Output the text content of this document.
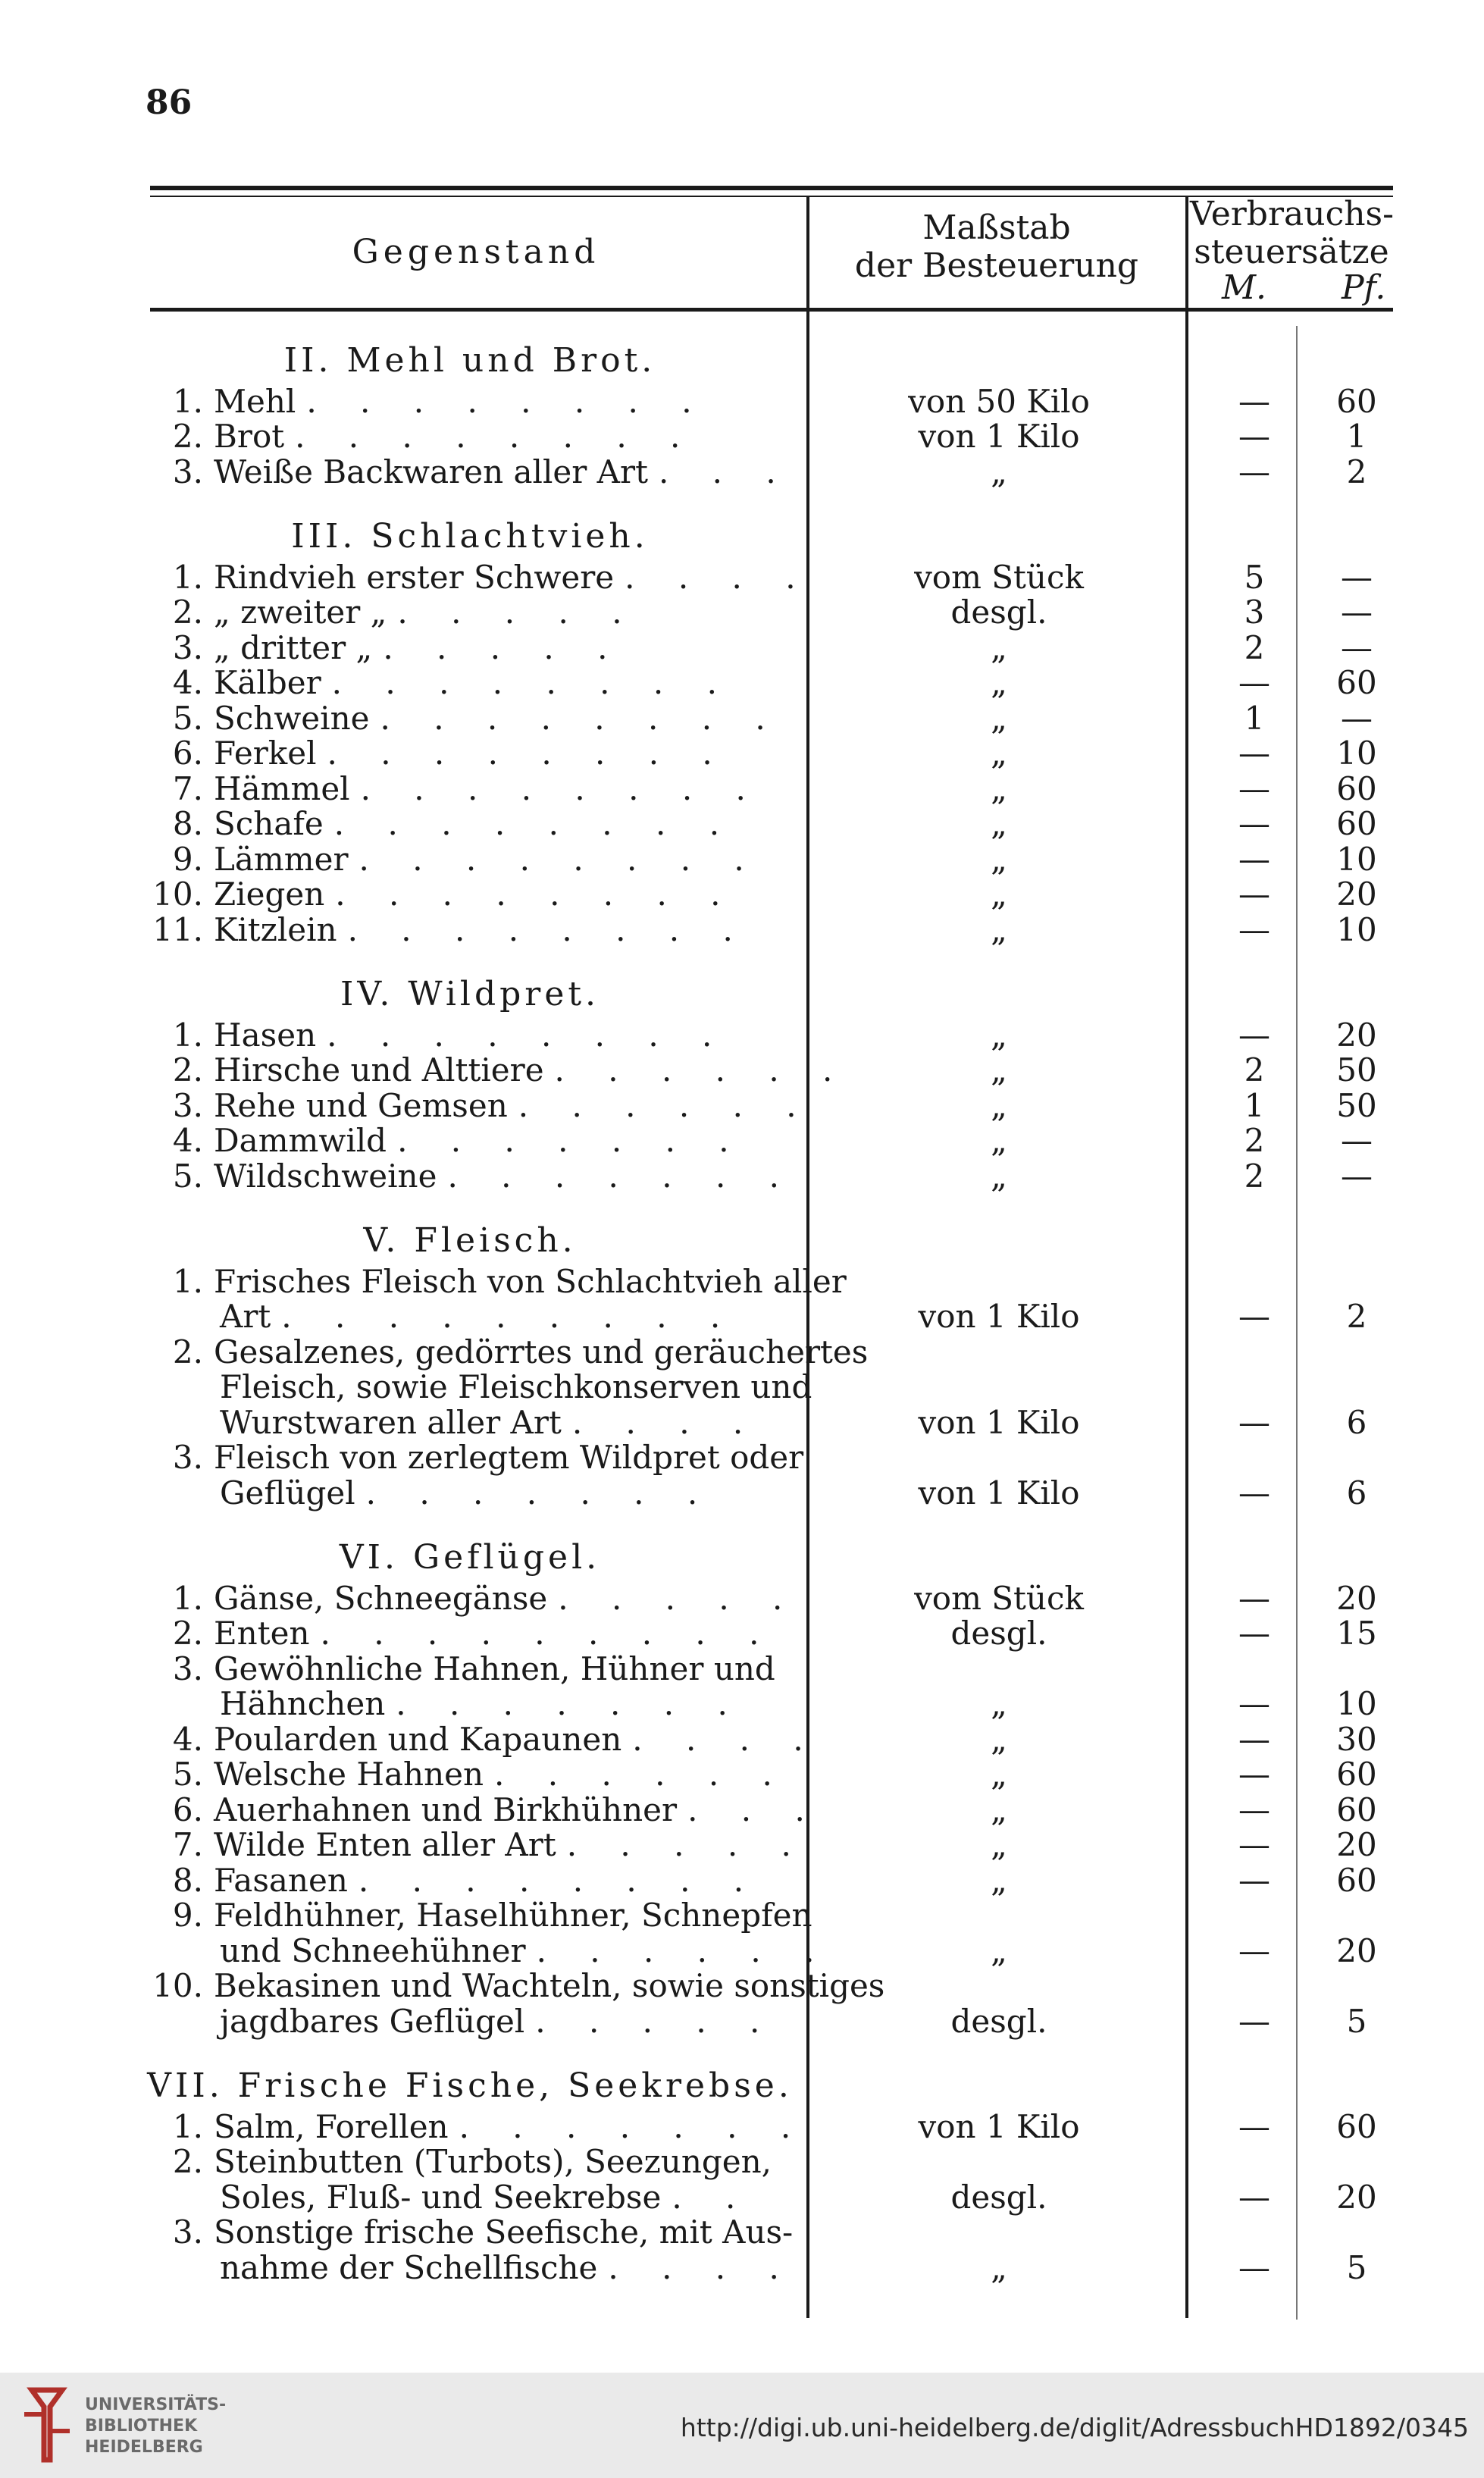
86
Gegenstand
Maßstab
der Besteuerung
Verbrauchs-
steuersätze
M. Pf.
II. Mehl und Brot.
1. Mehl . . . . . . . .	von 50 Kilo	—	60
2. Brot . . . . . . . .	von 1 Kilo	—	1
3. Weiße Backwaren aller Art . . .	„	—	2
III. Schlachtvieh.
1. Rindvieh erster Schwere . . . .	vom Stück	5	—
2. „ zweiter „ . . . . .	desgl.	3	—
3. „ dritter „ . . . . .	„	2	—
4. Kälber . . . . . . . .	„	—	60
5. Schweine . . . . . . . .	„	1	—
6. Ferkel . . . . . . . .	„	—	10
7. Hämmel . . . . . . . .	„	—	60
8. Schafe . . . . . . . .	„	—	60
9. Lämmer . . . . . . . .	„	—	10
10. Ziegen . . . . . . . .	„	—	20
11. Kitzlein . . . . . . . .	„	—	10
IV. Wildpret.
1. Hasen . . . . . . . .	„	—	20
2. Hirsche und Alttiere . . . . . .	„	2	50
3. Rehe und Gemsen . . . . . .	„	1	50
4. Dammwild . . . . . . .	„	2	—
5. Wildschweine . . . . . . .	„	2	—
V. Fleisch.
1. Frisches Fleisch von Schlachtvieh aller
Art . . . . . . . . .	von 1 Kilo	—	2
2. Gesalzenes, gedörrtes und geräuchertes
Fleisch, sowie Fleischkonserven und
Wurstwaren aller Art . . . .	von 1 Kilo	—	6
3. Fleisch von zerlegtem Wildpret oder
Geflügel . . . . . . .	von 1 Kilo	—	6
VI. Geflügel.
1. Gänse, Schneegänse . . . . .	vom Stück	—	20
2. Enten . . . . . . . . .	desgl.	—	15
3. Gewöhnliche Hahnen, Hühner und
Hähnchen . . . . . . .	„	—	10
4. Poularden und Kapaunen . . . .	„	—	30
5. Welsche Hahnen . . . . . .	„	—	60
6. Auerhahnen und Birkhühner . . .	„	—	60
7. Wilde Enten aller Art . . . . .	„	—	20
8. Fasanen . . . . . . . .	„	—	60
9. Feldhühner, Haselhühner, Schnepfen
und Schneehühner . . . . . .	„	—	20
10. Bekasinen und Wachteln, sowie sonstiges
jagdbares Geflügel . . . . .	desgl.	—	5
VII. Frische Fische, Seekrebse.
1. Salm, Forellen . . . . . . .	von 1 Kilo	—	60
2. Steinbutten (Turbots), Seezungen,
Soles, Fluß- und Seekrebse . .	desgl.	—	20
3. Sonstige frische Seefische, mit Aus-
nahme der Schellfische . . . .	„	—	5
UNIVERSITÄTS-
BIBLIOTHEK
HEIDELBERG
http://digi.ub.uni-heidelberg.de/diglit/AdressbuchHD1892/0345
